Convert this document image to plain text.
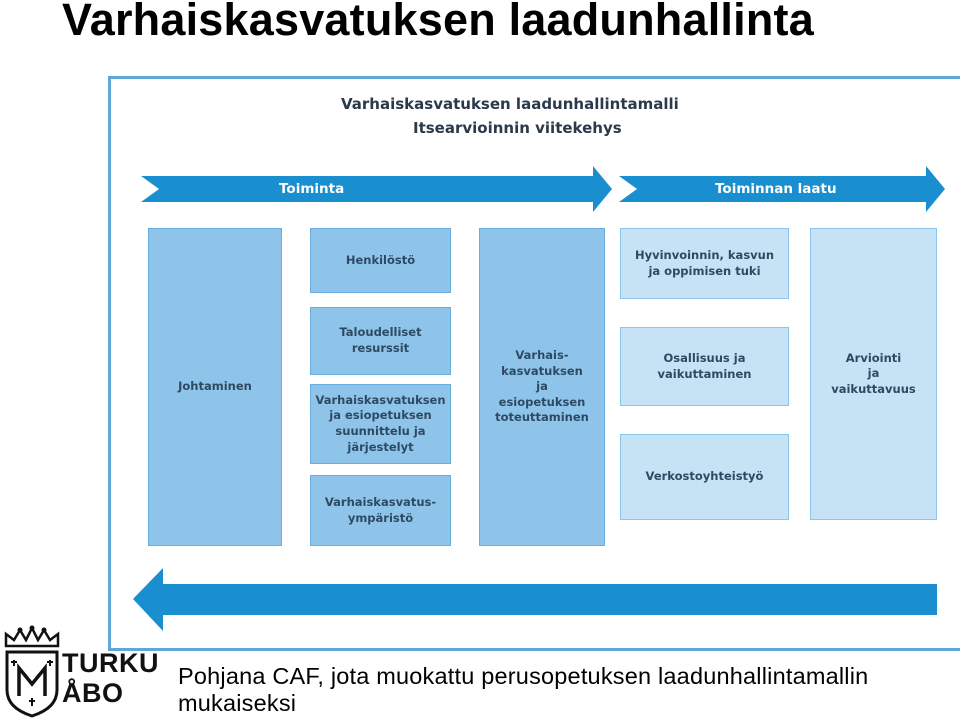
Varhaiskasvatuksen laadunhallinta
Varhaiskasvatuksen laadunhallintamalli
Itsearvioinnin viitekehys
Toiminta	Toiminnan laatu
Johtaminen
Henkilöstö
Taloudelliset
resurssit
Varhaiskasvatuksen
ja esiopetuksen
suunnittelu ja
järjestelyt
Varhaiskasvatus-
ympäristö
Varhais-
kasvatuksen
ja
esiopetuksen
toteuttaminen
Hyvinvoinnin, kasvun
ja oppimisen tuki
Osallisuus ja
vaikuttaminen
Verkostoyhteistyö
Arviointi
ja
vaikuttavuus
TURKU
ÅBO

Pohjana CAF, jota muokattu perusopetuksen laadunhallintamallin mukaiseksi
